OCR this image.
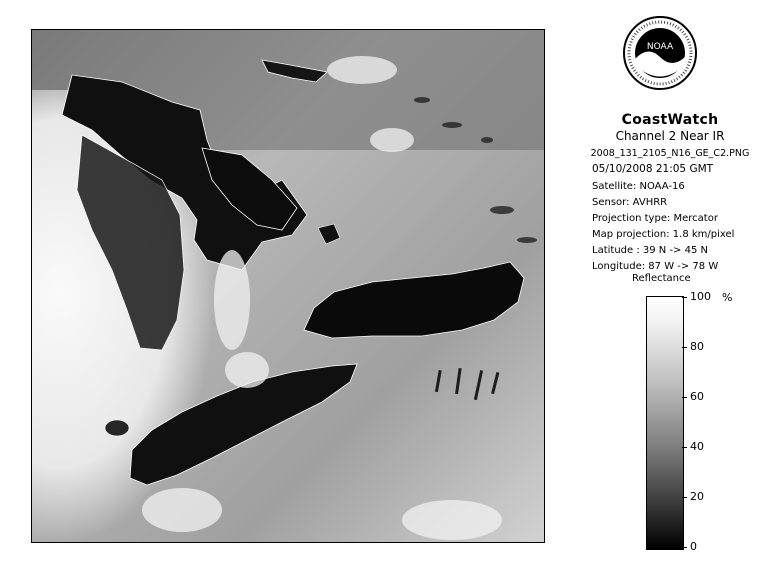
NOAA
CoastWatch
Channel 2 Near IR
2008_131_2105_N16_GE_C2.PNG
05/10/2008 21:05 GMT
Satellite: NOAA-16
Sensor: AVHRR
Projection type: Mercator
Map projection: 1.8 km/pixel
Latitude : 39 N -> 45 N
Longitude: 87 W -> 78 W
Reflectance
%
100
80
60
40
20
0
